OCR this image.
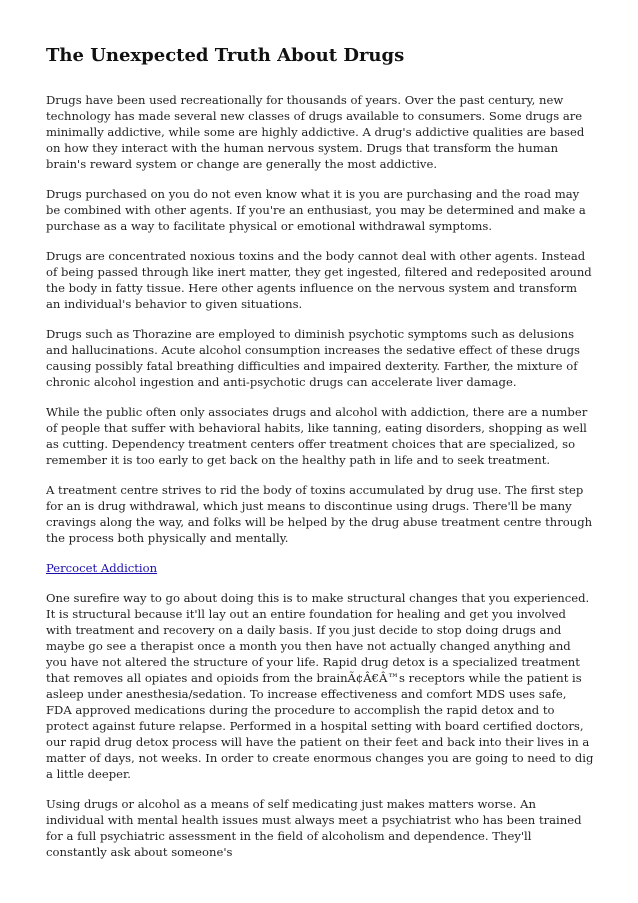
The Unexpected Truth About Drugs

Drugs have been used recreationally for thousands of years. Over the past century, new technology has made several new classes of drugs available to consumers. Some drugs are minimally addictive, while some are highly addictive. A drug's addictive qualities are based on how they interact with the human nervous system. Drugs that transform the human brain's reward system or change are generally the most addictive.

Drugs purchased on you do not even know what it is you are purchasing and the road may be combined with other agents. If you're an enthusiast, you may be determined and make a purchase as a way to facilitate physical or emotional withdrawal symptoms.

Drugs are concentrated noxious toxins and the body cannot deal with other agents. Instead of being passed through like inert matter, they get ingested, filtered and redeposited around the body in fatty tissue. Here other agents influence on the nervous system and transform an individual's behavior to given situations.

Drugs such as Thorazine are employed to diminish psychotic symptoms such as delusions and hallucinations. Acute alcohol consumption increases the sedative effect of these drugs causing possibly fatal breathing difficulties and impaired dexterity. Farther, the mixture of chronic alcohol ingestion and anti-psychotic drugs can accelerate liver damage.

While the public often only associates drugs and alcohol with addiction, there are a number of people that suffer with behavioral habits, like tanning, eating disorders, shopping as well as cutting. Dependency treatment centers offer treatment choices that are specialized, so remember it is too early to get back on the healthy path in life and to seek treatment.

A treatment centre strives to rid the body of toxins accumulated by drug use. The first step for an is drug withdrawal, which just means to discontinue using drugs. There'll be many cravings along the way, and folks will be helped by the drug abuse treatment centre through the process both physically and mentally.

Percocet Addiction

One surefire way to go about doing this is to make structural changes that you experienced. It is structural because it'll lay out an entire foundation for healing and get you involved with treatment and recovery on a daily basis. If you just decide to stop doing drugs and maybe go see a therapist once a month you then have not actually changed anything and you have not altered the structure of your life. Rapid drug detox is a specialized treatment that removes all opiates and opioids from the brainÃ¢Â€Â™s receptors while the patient is asleep under anesthesia/sedation. To increase effectiveness and comfort MDS uses safe, FDA approved medications during the procedure to accomplish the rapid detox and to protect against future relapse. Performed in a hospital setting with board certified doctors, our rapid drug detox process will have the patient on their feet and back into their lives in a matter of days, not weeks. In order to create enormous changes you are going to need to dig a little deeper.

Using drugs or alcohol as a means of self medicating just makes matters worse. An individual with mental health issues must always meet a psychiatrist who has been trained for a full psychiatric assessment in the field of alcoholism and dependence. They'll constantly ask about someone's
